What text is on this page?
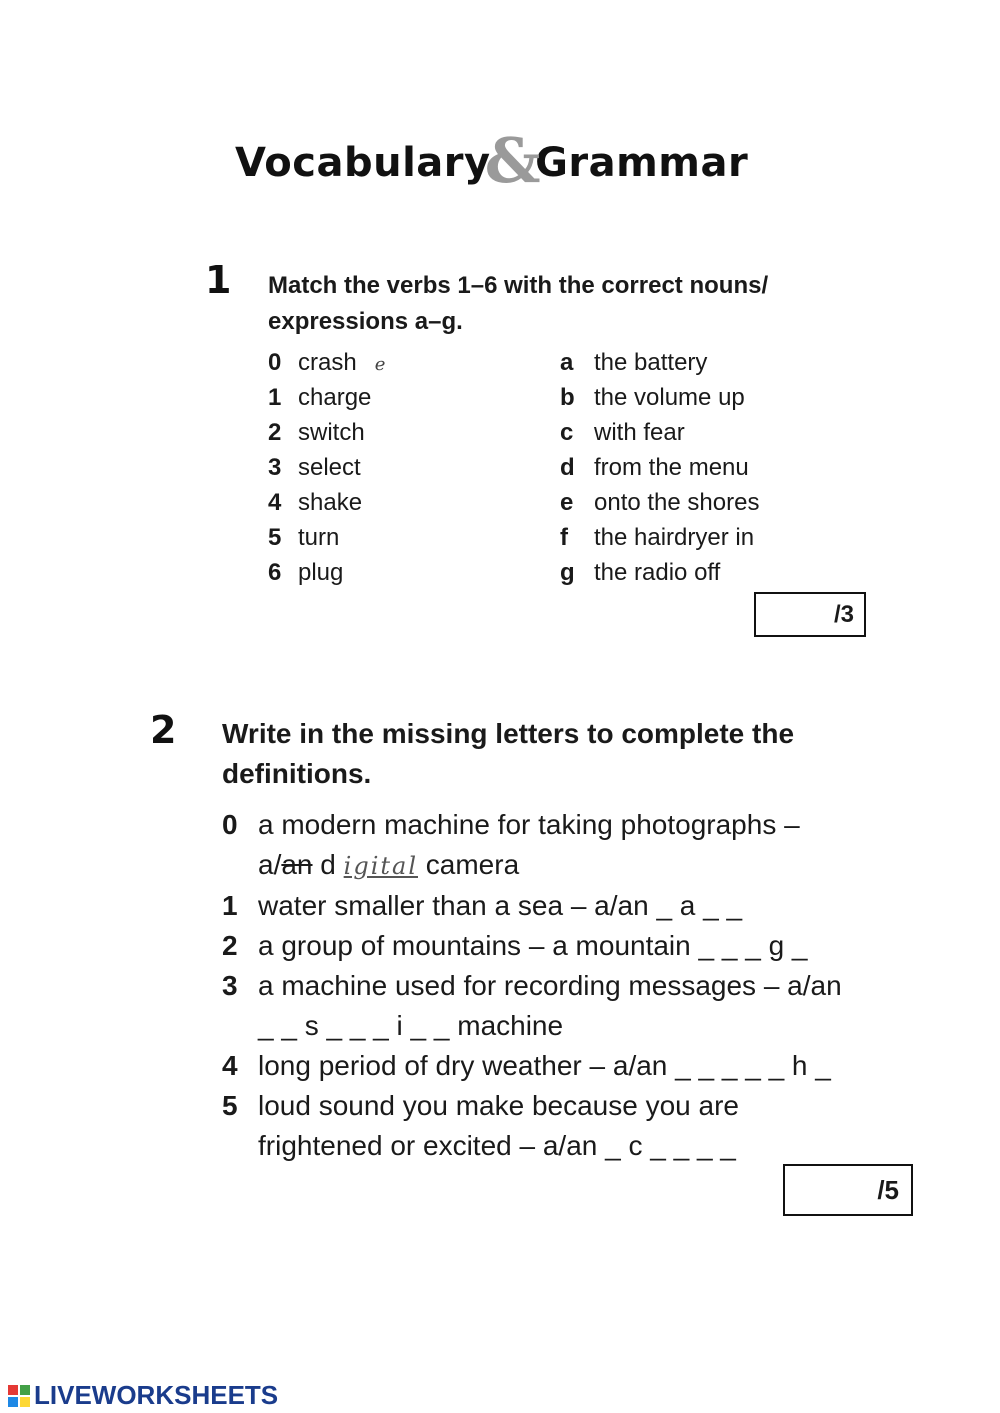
Vocabulary&Grammar
1 Match the verbs 1–6 with the correct nouns/ expressions a–g.
0 crash e
1 charge
2 switch
3 select
4 shake
5 turn
6 plug
a the battery
b the volume up
c with fear
d from the menu
e onto the shores
f the hairdryer in
g the radio off
/3
2 Write in the missing letters to complete the definitions.
0 a modern machine for taking photographs –
a/an d igital camera
1 water smaller than a sea – a/an _ a _ _
2 a group of mountains – a mountain _ _ _ g _
3 a machine used for recording messages – a/an
_ _ s _ _ _ i _ _ machine
4 long period of dry weather – a/an _ _ _ _ _ h _
5 loud sound you make because you are
frightened or excited – a/an _ c _ _ _ _
/5
LIVEWORKSHEETS
